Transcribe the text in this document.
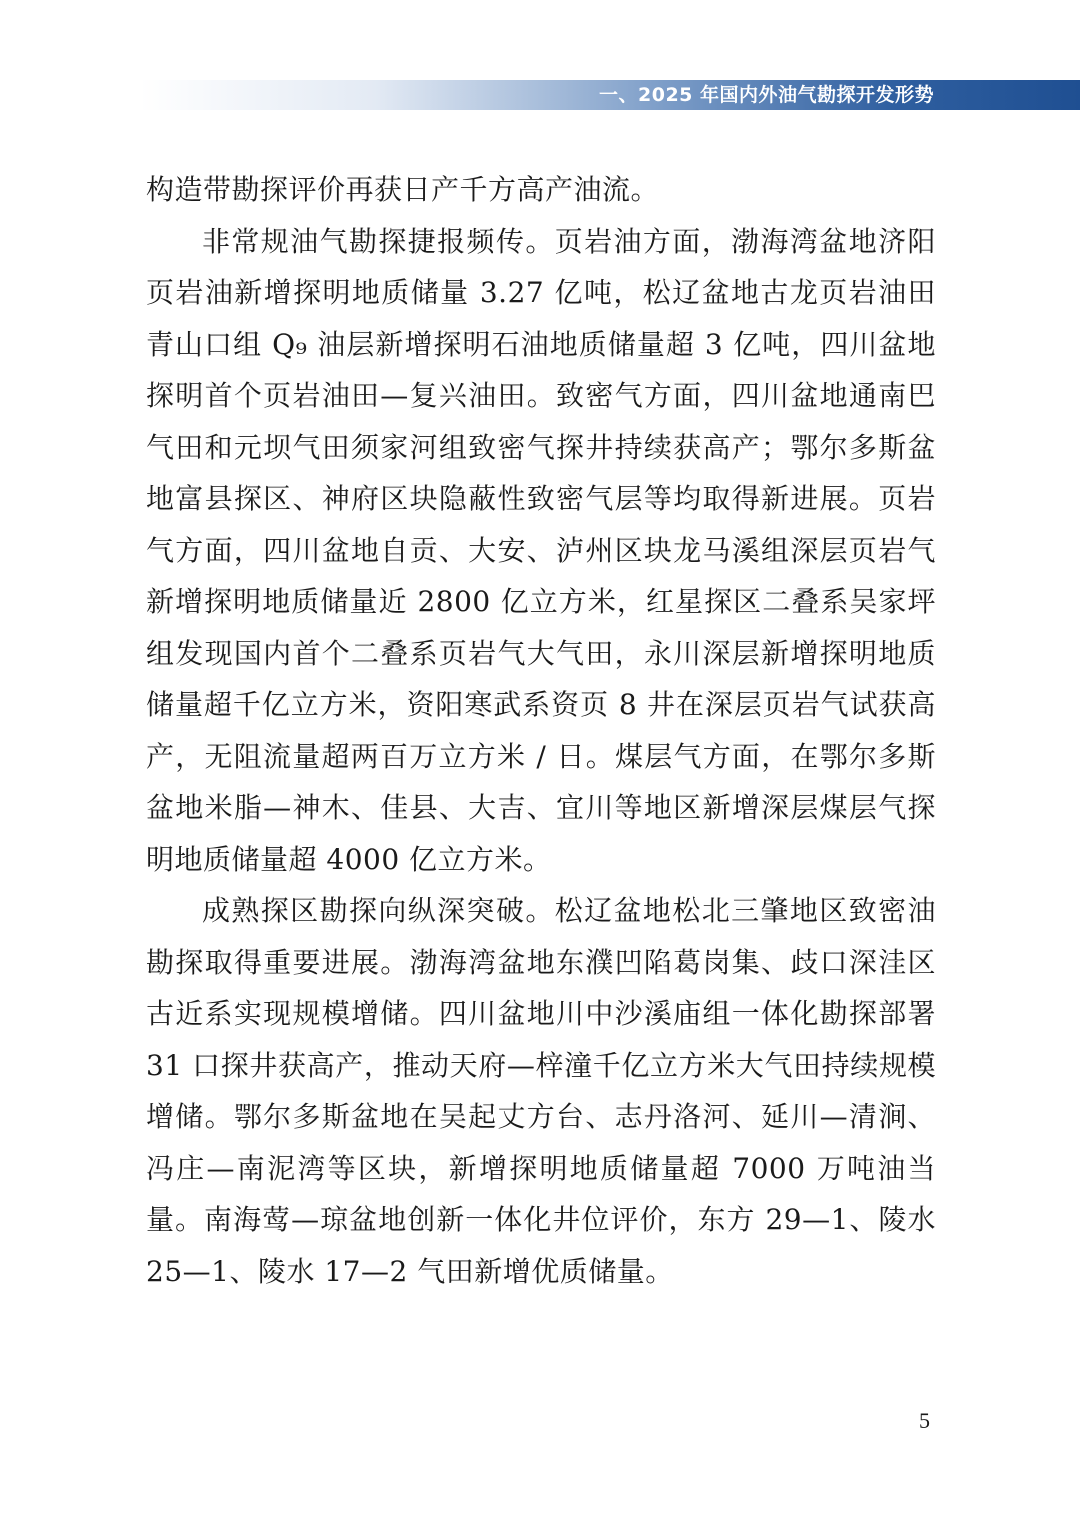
一、2025 年国内外油气勘探开发形势

构造带勘探评价再获日产千方高产油流。

非常规油气勘探捷报频传。页岩油方面，渤海湾盆地济阳页岩油新增探明地质储量 3.27 亿吨，松辽盆地古龙页岩油田青山口组 Q₉ 油层新增探明石油地质储量超 3 亿吨，四川盆地探明首个页岩油田—复兴油田。致密气方面，四川盆地通南巴气田和元坝气田须家河组致密气探井持续获高产；鄂尔多斯盆地富县探区、神府区块隐蔽性致密气层等均取得新进展。页岩气方面，四川盆地自贡、大安、泸州区块龙马溪组深层页岩气新增探明地质储量近 2800 亿立方米，红星探区二叠系吴家坪组发现国内首个二叠系页岩气大气田，永川深层新增探明地质储量超千亿立方米，资阳寒武系资页 8 井在深层页岩气试获高产，无阻流量超两百万立方米 / 日。煤层气方面，在鄂尔多斯盆地米脂—神木、佳县、大吉、宜川等地区新增深层煤层气探明地质储量超 4000 亿立方米。

成熟探区勘探向纵深突破。松辽盆地松北三肇地区致密油勘探取得重要进展。渤海湾盆地东濮凹陷葛岗集、歧口深洼区古近系实现规模增储。四川盆地川中沙溪庙组一体化勘探部署 31 口探井获高产，推动天府—梓潼千亿立方米大气田持续规模增储。鄂尔多斯盆地在吴起丈方台、志丹洛河、延川—清涧、冯庄—南泥湾等区块，新增探明地质储量超 7000 万吨油当量。南海莺—琼盆地创新一体化井位评价，东方 29—1、陵水 25—1、陵水 17—2 气田新增优质储量。

5
